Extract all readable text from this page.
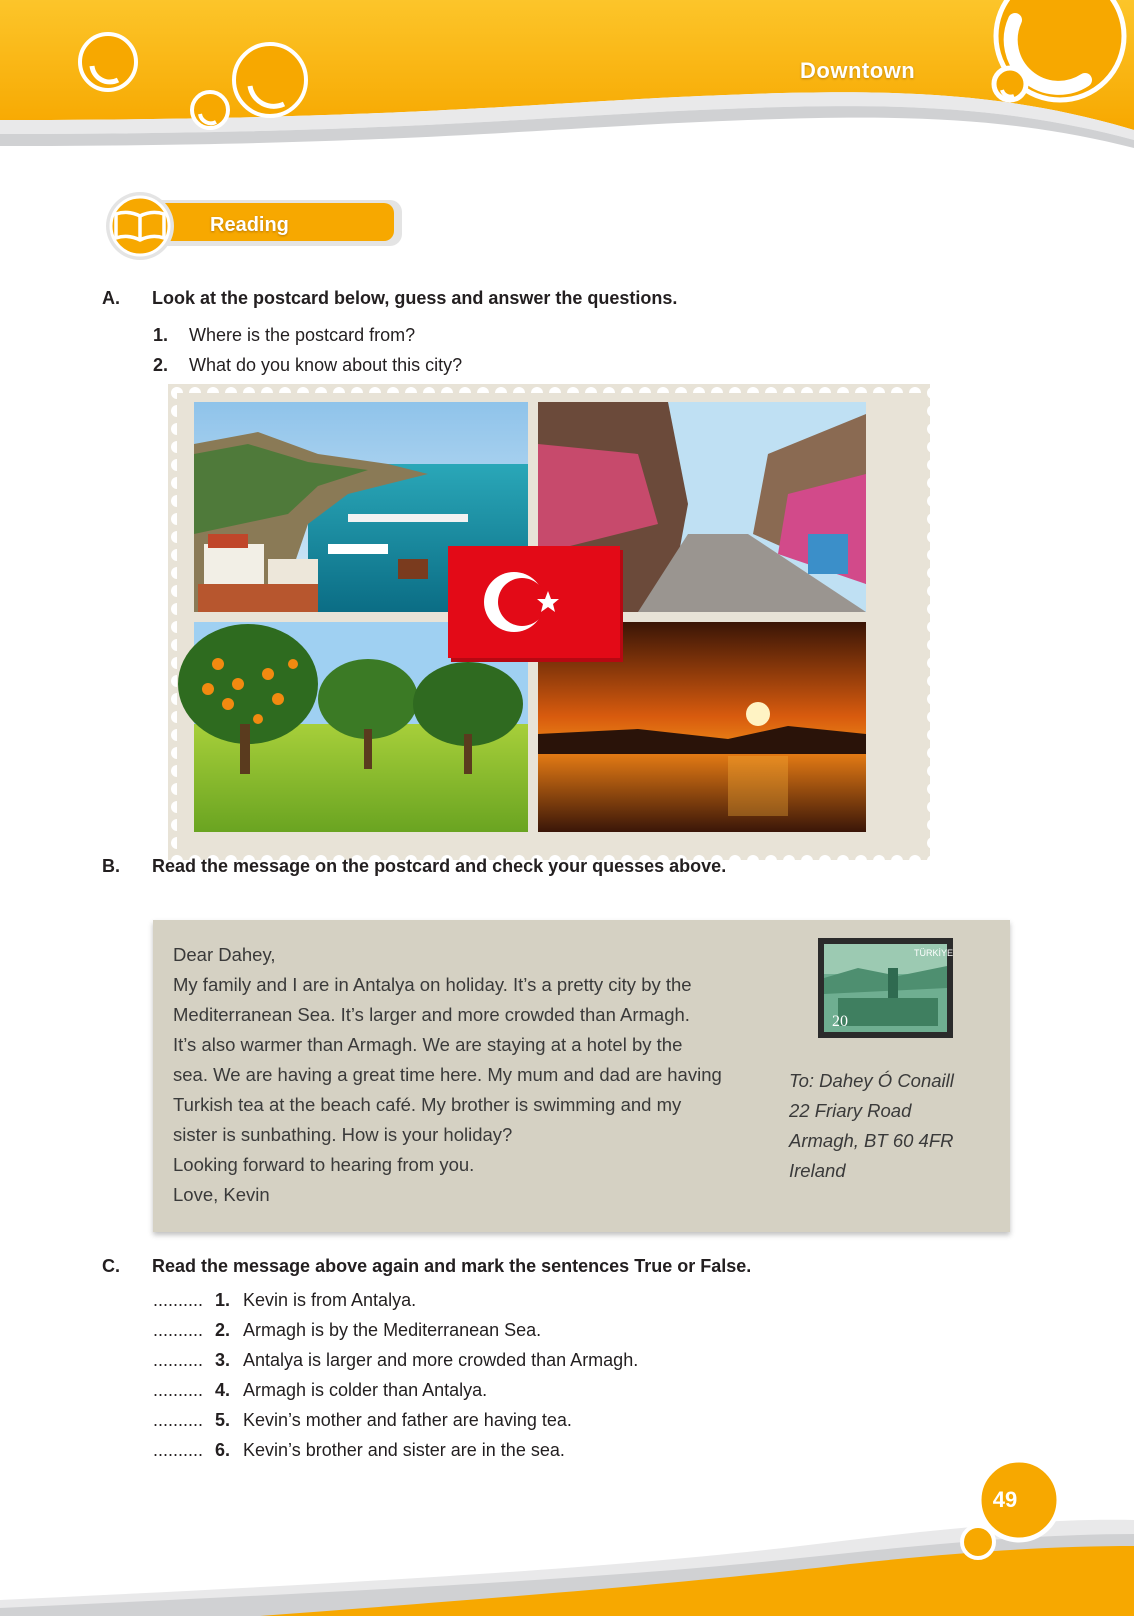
Downtown
Reading
A. Look at the postcard below, guess and answer the questions.
1. Where is the postcard from?
2. What do you know about this city?
B. Read the message on the postcard and check your quesses above.
Dear Dahey,
My family and I are in Antalya on holiday. It’s a pretty city by the
Mediterranean Sea. It’s larger and more crowded than Armagh.
It’s also warmer than Armagh. We are staying at a hotel by the
sea. We are having a great time here. My mum and dad are having
Turkish tea at the beach café. My brother is swimming and my
sister is sunbathing. How is your holiday?
Looking forward to hearing from you.
Love, Kevin
TÜRKİYE
20
To: Dahey Ó Conaill
22 Friary Road
Armagh, BT 60 4FR
Ireland
C. Read the message above again and mark the sentences True or False.
.......... 1. Kevin is from Antalya.
.......... 2. Armagh is by the Mediterranean Sea.
.......... 3. Antalya is larger and more crowded than Armagh.
.......... 4. Armagh is colder than Antalya.
.......... 5. Kevin’s mother and father are having tea.
.......... 6. Kevin’s brother and sister are in the sea.
49
